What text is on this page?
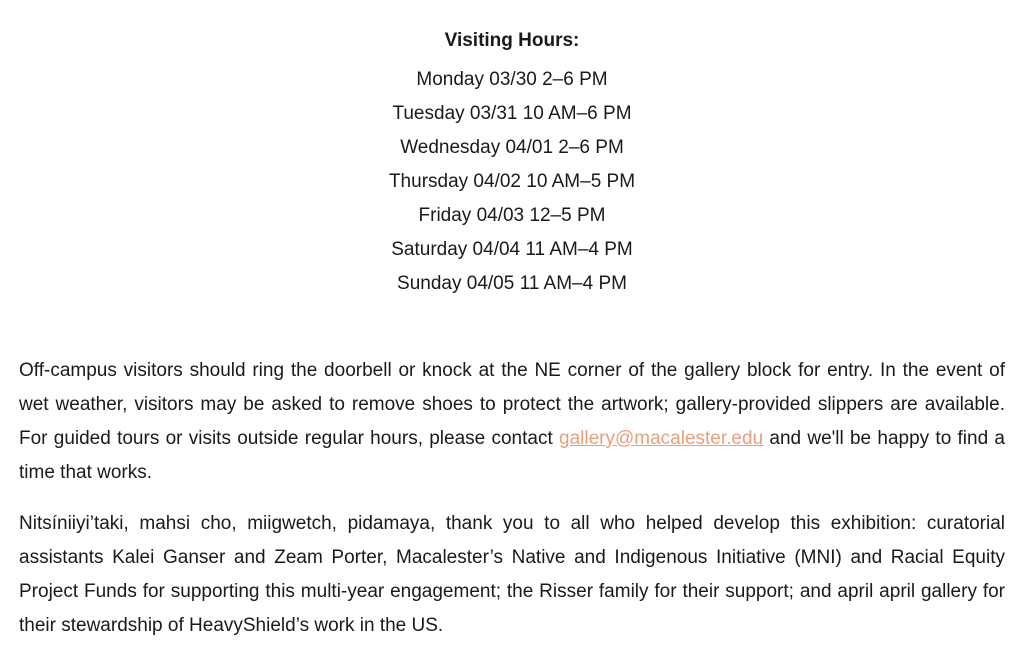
Visiting Hours:
Monday 03/30 2–6 PM
Tuesday 03/31 10 AM–6 PM
Wednesday 04/01 2–6 PM
Thursday 04/02 10 AM–5 PM
Friday 04/03 12–5 PM
Saturday 04/04 11 AM–4 PM
Sunday 04/05 11 AM–4 PM

Off-campus visitors should ring the doorbell or knock at the NE corner of the gallery block for entry. In the event of wet weather, visitors may be asked to remove shoes to protect the artwork; gallery-provided slippers are available. For guided tours or visits outside regular hours, please contact gallery@macalester.edu and we'll be happy to find a time that works.

Nitsíniiyi’taki, mahsi cho, miigwetch, pidamaya, thank you to all who helped develop this exhibition: curatorial assistants Kalei Ganser and Zeam Porter, Macalester’s Native and Indigenous Initiative (MNI) and Racial Equity Project Funds for supporting this multi-year engagement; the Risser family for their support; and april april gallery for their stewardship of HeavyShield’s work in the US.
